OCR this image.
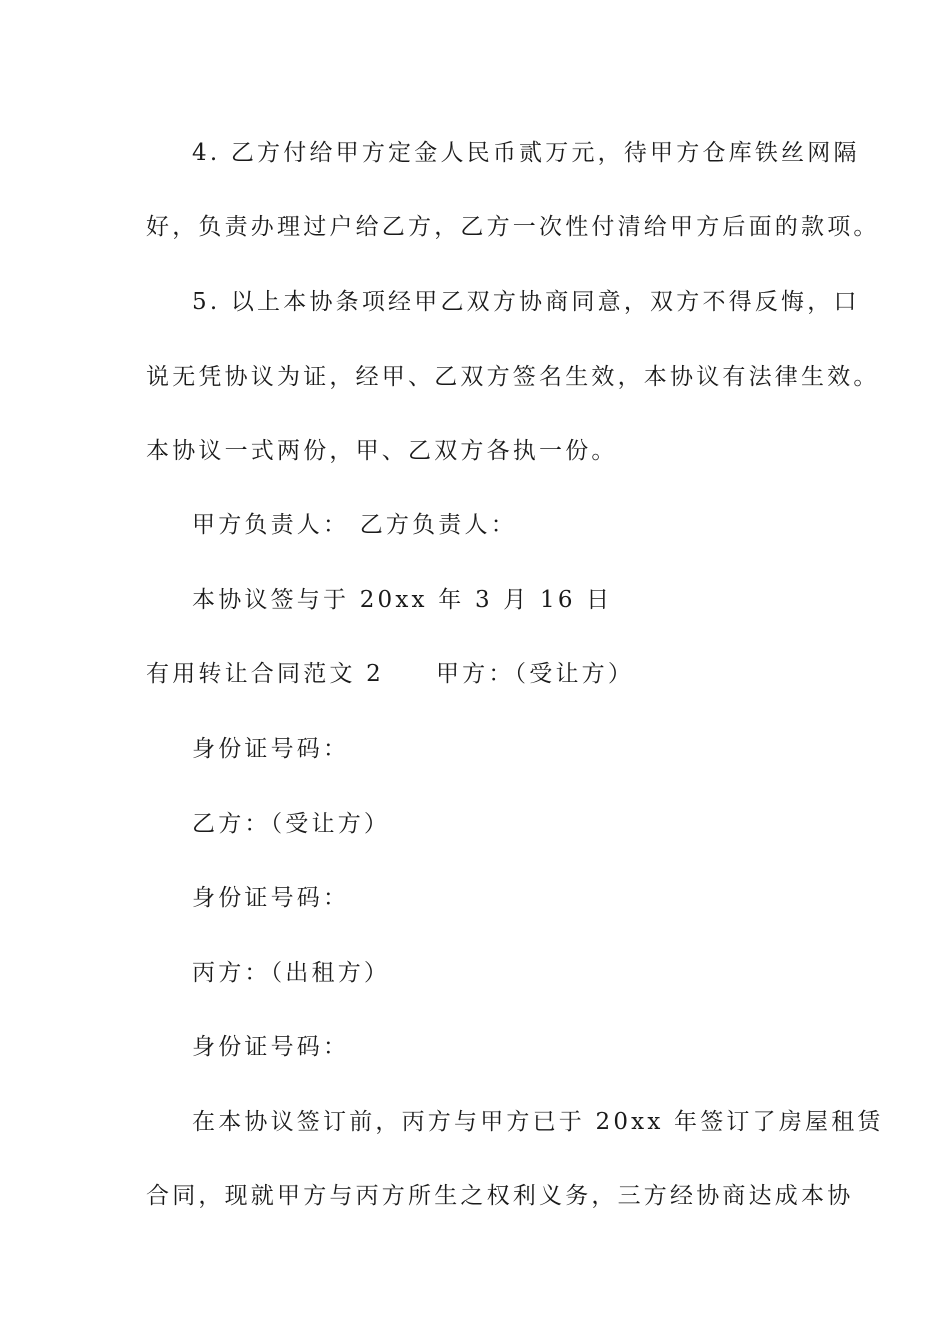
4. 乙方付给甲方定金人民币贰万元，待甲方仓库铁丝网隔
好，负责办理过户给乙方，乙方一次性付清给甲方后面的款项。
5. 以上本协条项经甲乙双方协商同意，双方不得反悔，口
说无凭协议为证，经甲、乙双方签名生效，本协议有法律生效。
本协议一式两份，甲、乙双方各执一份。
甲方负责人： 乙方负责人：
本协议签与于 20xx 年 3 月 16 日
有用转让合同范文 2 甲方：（受让方）
身份证号码：
乙方：（受让方）
身份证号码：
丙方：（出租方）
身份证号码：
在本协议签订前，丙方与甲方已于 20xx 年签订了房屋租赁
合同，现就甲方与丙方所生之权利义务，三方经协商达成本协
